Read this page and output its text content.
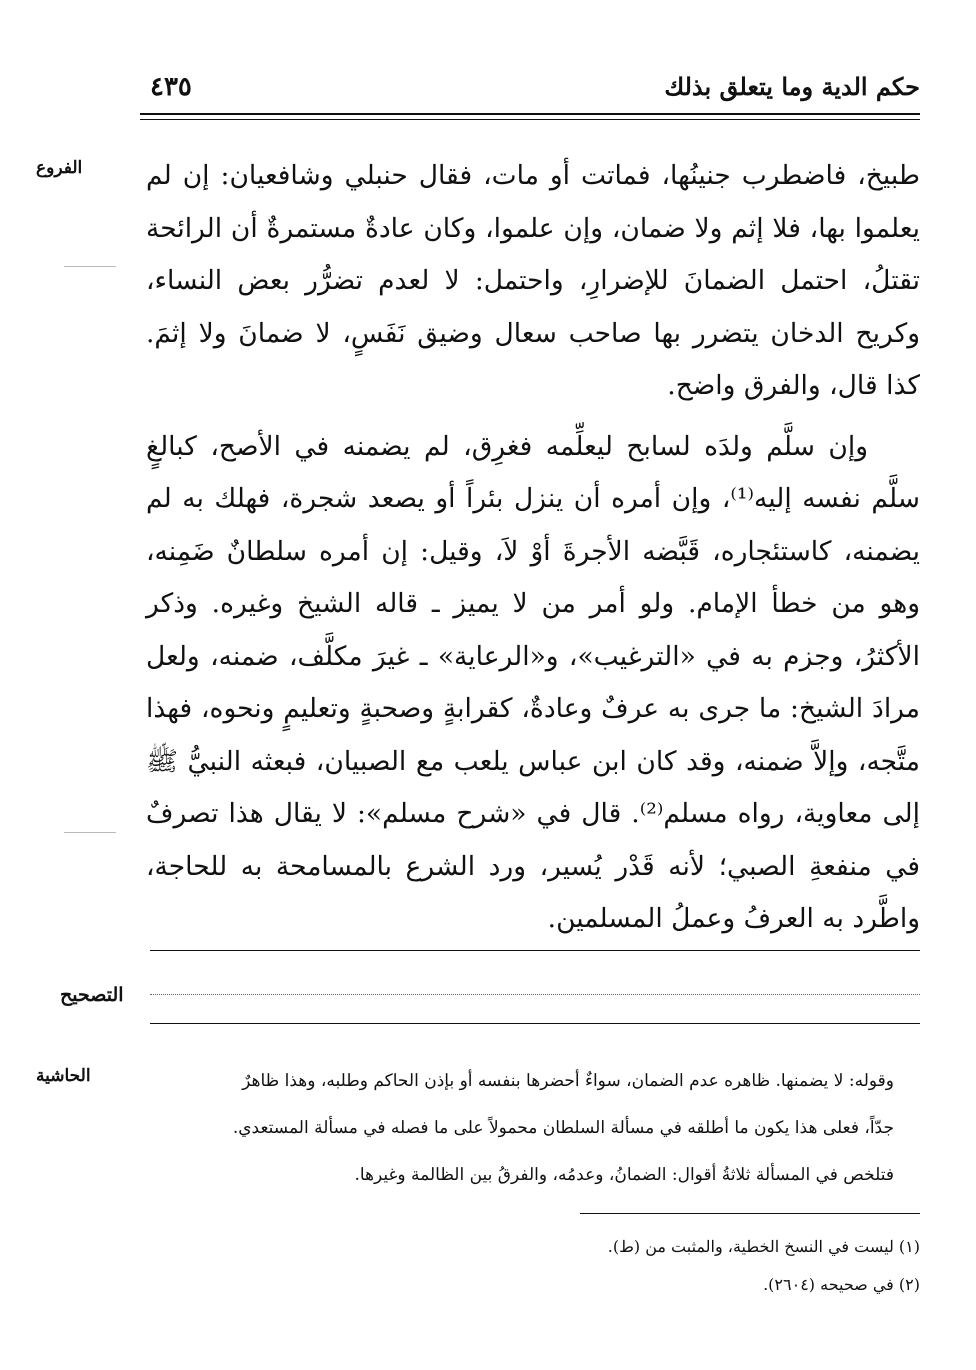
حكم الدية وما يتعلق بذلك
٤٣٥
الفروع	طبيخ، فاضطرب جنينُها، فماتت أو مات، فقال حنبلي وشافعيان: إن لم يعلموا بها، فلا إثم ولا ضمان، وإن علموا، وكان عادةٌ مستمرةٌ أن الرائحة تقتلُ، احتمل الضمانَ للإضرارِ، واحتمل: لا لعدم تضرُّر بعض النساء، وكريح الدخان يتضرر بها صاحب سعال وضيق نَفَسٍ، لا ضمانَ ولا إثمَ. كذا قال، والفرق واضح.

وإن سلَّم ولدَه لسابح ليعلِّمه فغرِق، لم يضمنه في الأصح، كبالغٍ سلَّم نفسه إليه⁽¹⁾، وإن أمره أن ينزل بئراً أو يصعد شجرة، فهلك به لم يضمنه، كاستئجاره، قَبَّضه الأجرةَ أوْ لاَ، وقيل: إن أمره سلطانٌ ضَمِنه، وهو من خطأ الإمام. ولو أمر من لا يميز ـ قاله الشيخ وغيره. وذكر الأكثرُ، وجزم به في «الترغيب»، و«الرعاية» ـ غيرَ مكلَّف، ضمنه، ولعل مرادَ الشيخ: ما جرى به عرفٌ وعادةٌ، كقرابةٍ وصحبةٍ وتعليمٍ ونحوه، فهذا متَّجه، وإلاَّ ضمنه، وقد كان ابن عباس يلعب مع الصبيان، فبعثه النبيُّ ﷺ إلى معاوية، رواه مسلم⁽²⁾. قال في «شرح مسلم»: لا يقال هذا تصرفٌ في منفعةِ الصبي؛ لأنه قَدْر يُسير، ورد الشرع بالمسامحة به للحاجة، واطَّرد به العرفُ وعملُ المسلمين.

التصحيح
الحاشية	وقوله: لا يضمنها. ظاهره عدم الضمان، سواءٌ أحضرها بنفسه أو بإذن الحاكم وطلبه، وهذا ظاهرٌ

جدّاً، فعلى هذا يكون ما أطلقه في مسألة السلطان محمولاً على ما فصله في مسألة المستعدي.

فتلخص في المسألة ثلاثةُ أقوال: الضمانُ، وعدمُه، والفرقُ بين الظالمة وغيرها.

(١) ليست في النسخ الخطية، والمثبت من (ط).

(٢) في صحيحه (٢٦٠٤).
